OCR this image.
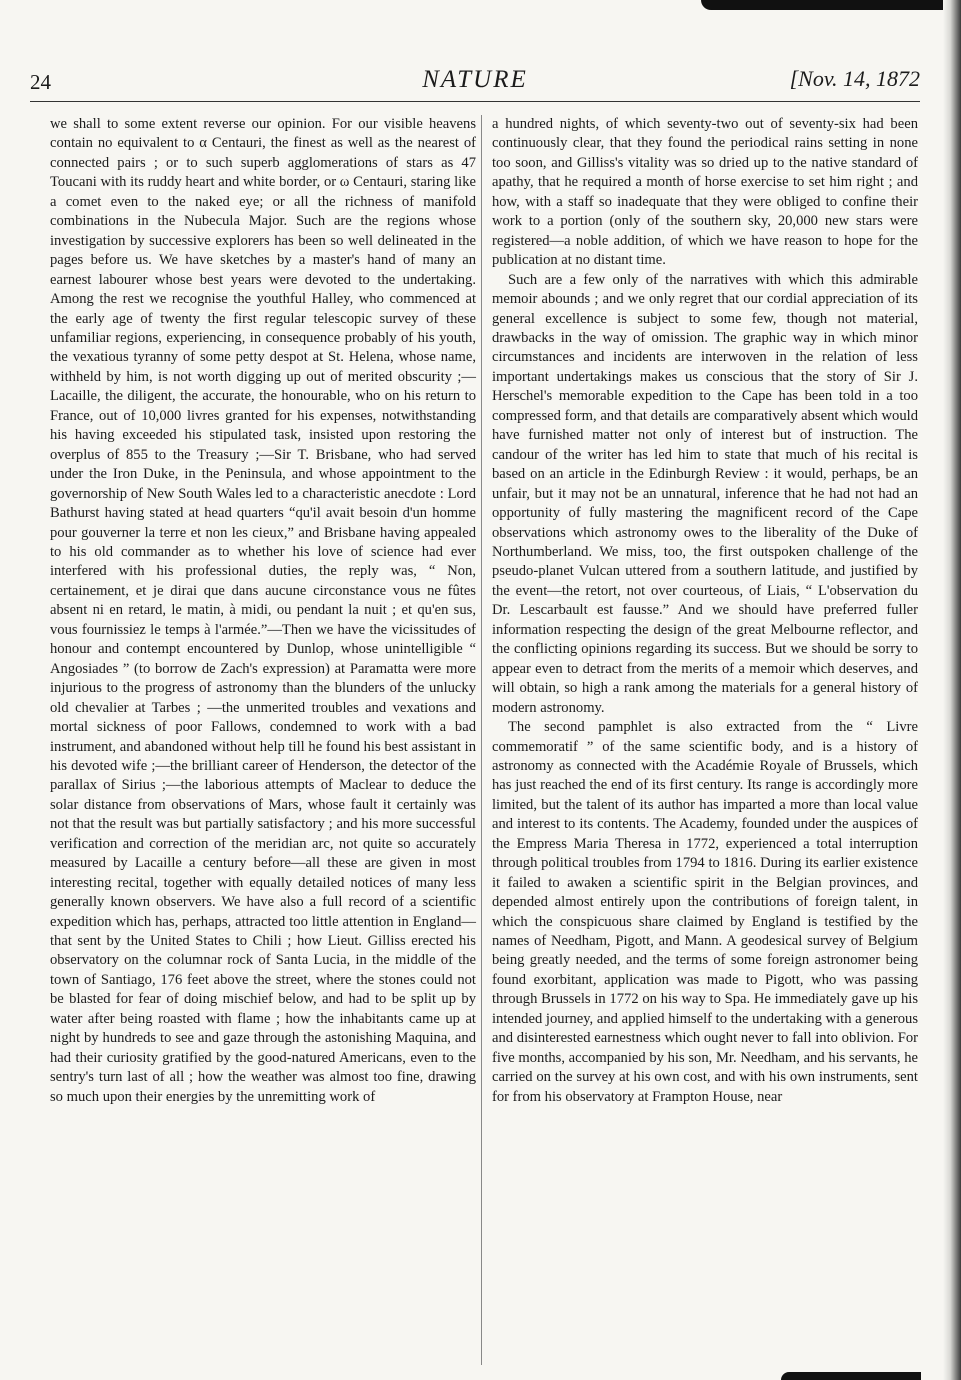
24	NATURE	[Nov. 14, 1872

we shall to some extent reverse our opinion. For our visible heavens contain no equivalent to α Centauri, the finest as well as the nearest of connected pairs ; or to such superb agglomerations of stars as 47 Toucani with its ruddy heart and white border, or ω Centauri, staring like a comet even to the naked eye; or all the richness of manifold combinations in the Nubecula Major. Such are the regions whose investigation by successive explorers has been so well delineated in the pages before us. We have sketches by a master's hand of many an earnest labourer whose best years were devoted to the undertaking. Among the rest we recognise the youthful Halley, who commenced at the early age of twenty the first regular telescopic survey of these unfamiliar regions, experiencing, in consequence probably of his youth, the vexatious tyranny of some petty despot at St. Helena, whose name, withheld by him, is not worth digging up out of merited obscurity ;—Lacaille, the diligent, the accurate, the honourable, who on his return to France, out of 10,000 livres granted for his expenses, notwithstanding his having exceeded his stipulated task, insisted upon restoring the overplus of 855 to the Treasury ;—Sir T. Brisbane, who had served under the Iron Duke, in the Peninsula, and whose appointment to the governorship of New South Wales led to a characteristic anecdote : Lord Bathurst having stated at head quarters “qu'il avait besoin d'un homme pour gouverner la terre et non les cieux,” and Brisbane having appealed to his old commander as to whether his love of science had ever interfered with his professional duties, the reply was, “ Non, certainement, et je dirai que dans aucune circonstance vous ne fûtes absent ni en retard, le matin, à midi, ou pendant la nuit ; et qu'en sus, vous fournissiez le temps à l'armée.”—Then we have the vicissitudes of honour and contempt encountered by Dunlop, whose unintelligible “ Angosiades ” (to borrow de Zach's expression) at Paramatta were more injurious to the progress of astronomy than the blunders of the unlucky old chevalier at Tarbes ; —the unmerited troubles and vexations and mortal sickness of poor Fallows, condemned to work with a bad instrument, and abandoned without help till he found his best assistant in his devoted wife ;—the brilliant career of Henderson, the detector of the parallax of Sirius ;—the laborious attempts of Maclear to deduce the solar distance from observations of Mars, whose fault it certainly was not that the result was but partially satisfactory ; and his more successful verification and correction of the meridian arc, not quite so accurately measured by Lacaille a century before—all these are given in most interesting recital, together with equally detailed notices of many less generally known observers. We have also a full record of a scientific expedition which has, perhaps, attracted too little attention in England—that sent by the United States to Chili ; how Lieut. Gilliss erected his observatory on the columnar rock of Santa Lucia, in the middle of the town of Santiago, 176 feet above the street, where the stones could not be blasted for fear of doing mischief below, and had to be split up by water after being roasted with flame ; how the inhabitants came up at night by hundreds to see and gaze through the astonishing Maquina, and had their curiosity gratified by the good-natured Americans, even to the sentry's turn last of all ; how the weather was almost too fine, drawing so much upon their energies by the unremitting work of

a hundred nights, of which seventy-two out of seventy-six had been continuously clear, that they found the periodical rains setting in none too soon, and Gilliss's vitality was so dried up to the native standard of apathy, that he required a month of horse exercise to set him right ; and how, with a staff so inadequate that they were obliged to confine their work to a portion (only of the southern sky, 20,000 new stars were registered—a noble addition, of which we have reason to hope for the publication at no distant time.

Such are a few only of the narratives with which this admirable memoir abounds ; and we only regret that our cordial appreciation of its general excellence is subject to some few, though not material, drawbacks in the way of omission. The graphic way in which minor circumstances and incidents are interwoven in the relation of less important undertakings makes us conscious that the story of Sir J. Herschel's memorable expedition to the Cape has been told in a too compressed form, and that details are comparatively absent which would have furnished matter not only of interest but of instruction. The candour of the writer has led him to state that much of his recital is based on an article in the Edinburgh Review : it would, perhaps, be an unfair, but it may not be an unnatural, inference that he had not had an opportunity of fully mastering the magnificent record of the Cape observations which astronomy owes to the liberality of the Duke of Northumberland. We miss, too, the first outspoken challenge of the pseudo-planet Vulcan uttered from a southern latitude, and justified by the event—the retort, not over courteous, of Liais, “ L'observation du Dr. Lescarbault est fausse.” And we should have preferred fuller information respecting the design of the great Melbourne reflector, and the conflicting opinions regarding its success. But we should be sorry to appear even to detract from the merits of a memoir which deserves, and will obtain, so high a rank among the materials for a general history of modern astronomy.

The second pamphlet is also extracted from the “ Livre commemoratif ” of the same scientific body, and is a history of astronomy as connected with the Académie Royale of Brussels, which has just reached the end of its first century. Its range is accordingly more limited, but the talent of its author has imparted a more than local value and interest to its contents. The Academy, founded under the auspices of the Empress Maria Theresa in 1772, experienced a total interruption through political troubles from 1794 to 1816. During its earlier existence it failed to awaken a scientific spirit in the Belgian provinces, and depended almost entirely upon the contributions of foreign talent, in which the conspicuous share claimed by England is testified by the names of Needham, Pigott, and Mann. A geodesical survey of Belgium being greatly needed, and the terms of some foreign astronomer being found exorbitant, application was made to Pigott, who was passing through Brussels in 1772 on his way to Spa. He immediately gave up his intended journey, and applied himself to the undertaking with a generous and disinterested earnestness which ought never to fall into oblivion. For five months, accompanied by his son, Mr. Needham, and his servants, he carried on the survey at his own cost, and with his own instruments, sent for from his observatory at Frampton House, near
